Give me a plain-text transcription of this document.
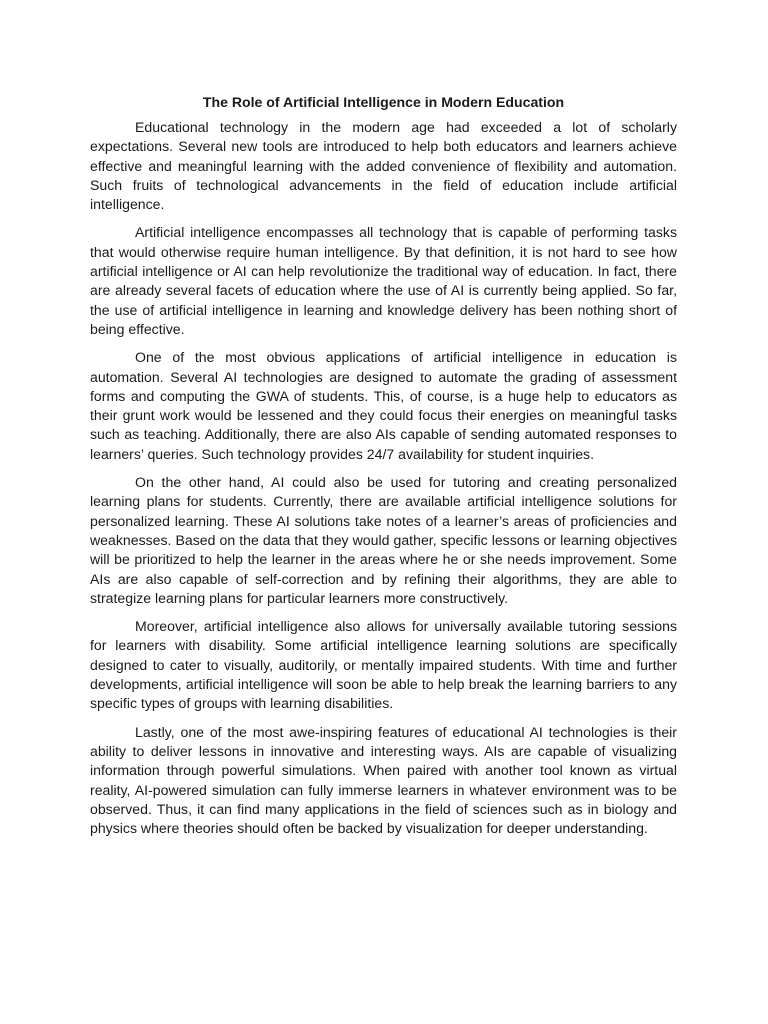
The Role of Artificial Intelligence in Modern Education

Educational technology in the modern age had exceeded a lot of scholarly expectations. Several new tools are introduced to help both educators and learners achieve effective and meaningful learning with the added convenience of flexibility and automation. Such fruits of technological advancements in the field of education include artificial intelligence.

Artificial intelligence encompasses all technology that is capable of performing tasks that would otherwise require human intelligence. By that definition, it is not hard to see how artificial intelligence or AI can help revolutionize the traditional way of education. In fact, there are already several facets of education where the use of AI is currently being applied. So far, the use of artificial intelligence in learning and knowledge delivery has been nothing short of being effective.

One of the most obvious applications of artificial intelligence in education is automation. Several AI technologies are designed to automate the grading of assessment forms and computing the GWA of students. This, of course, is a huge help to educators as their grunt work would be lessened and they could focus their energies on meaningful tasks such as teaching. Additionally, there are also AIs capable of sending automated responses to learners’ queries. Such technology provides 24/7 availability for student inquiries.

On the other hand, AI could also be used for tutoring and creating personalized learning plans for students. Currently, there are available artificial intelligence solutions for personalized learning. These AI solutions take notes of a learner’s areas of proficiencies and weaknesses. Based on the data that they would gather, specific lessons or learning objectives will be prioritized to help the learner in the areas where he or she needs improvement. Some AIs are also capable of self-correction and by refining their algorithms, they are able to strategize learning plans for particular learners more constructively.

Moreover, artificial intelligence also allows for universally available tutoring sessions for learners with disability. Some artificial intelligence learning solutions are specifically designed to cater to visually, auditorily, or mentally impaired students. With time and further developments, artificial intelligence will soon be able to help break the learning barriers to any specific types of groups with learning disabilities.

Lastly, one of the most awe-inspiring features of educational AI technologies is their ability to deliver lessons in innovative and interesting ways. AIs are capable of visualizing information through powerful simulations. When paired with another tool known as virtual reality, AI-powered simulation can fully immerse learners in whatever environment was to be observed. Thus, it can find many applications in the field of sciences such as in biology and physics where theories should often be backed by visualization for deeper understanding.
